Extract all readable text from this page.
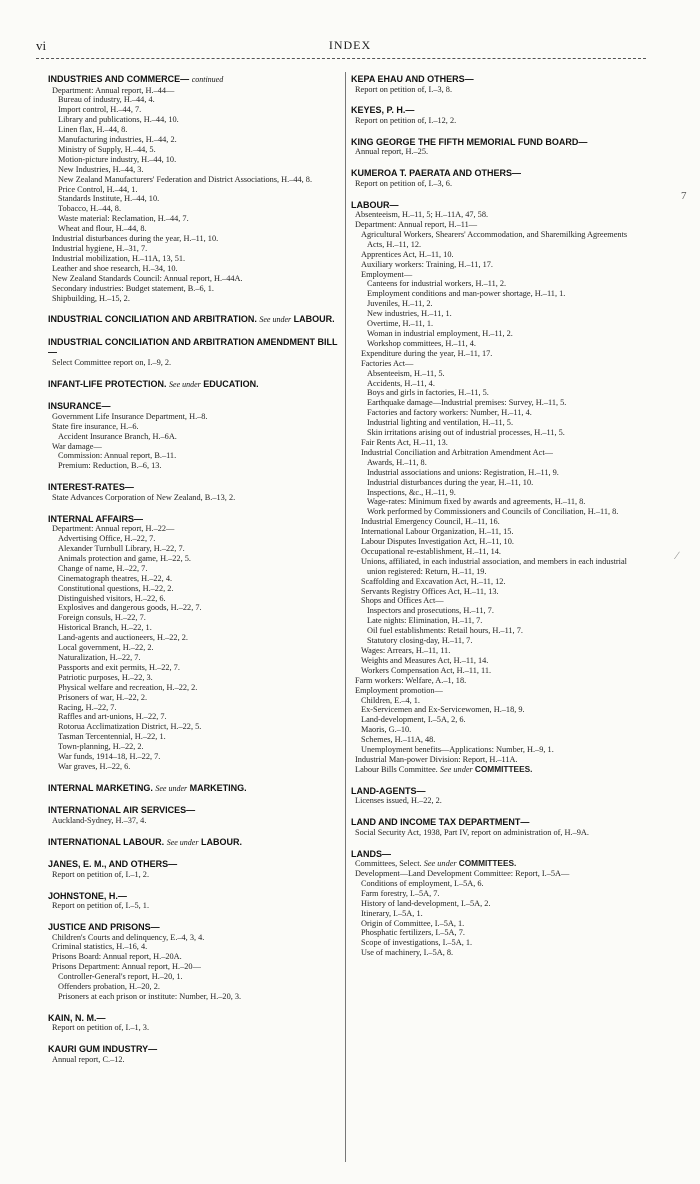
vi	INDEX
INDUSTRIES AND COMMERCE— continued
Department: Annual report, H.–44—
Bureau of industry, H.–44, 4.
Import control, H.–44, 7.
Library and publications, H.–44, 10.
Linen flax, H.–44, 8.
Manufacturing industries, H.–44, 2.
Ministry of Supply, H.–44, 5.
Motion-picture industry, H.–44, 10.
New Industries, H.–44, 3.
New Zealand Manufacturers' Federation and District Associations, H.–44, 8.
Price Control, H.–44, 1.
Standards Institute, H.–44, 10.
Tobacco, H.–44, 8.
Waste material: Reclamation, H.–44, 7.
Wheat and flour, H.–44, 8.
Industrial disturbances during the year, H.–11, 10.
Industrial hygiene, H.–31, 7.
Industrial mobilization, H.–11A, 13, 51.
Leather and shoe research, H.–34, 10.
New Zealand Standards Council: Annual report, H.–44A.
Secondary industries: Budget statement, B.–6, 1.
Shipbuilding, H.–15, 2.
INDUSTRIAL CONCILIATION AND ARBITRATION. See under LABOUR.
INDUSTRIAL CONCILIATION AND ARBITRATION AMENDMENT BILL—
Select Committee report on, I.–9, 2.
INFANT-LIFE PROTECTION. See under EDUCATION.
INSURANCE—
Government Life Insurance Department, H.–8.
State fire insurance, H.–6.
Accident Insurance Branch, H.–6A.
War damage—
Commission: Annual report, B.–11.
Premium: Reduction, B.–6, 13.
INTEREST-RATES—
State Advances Corporation of New Zealand, B.–13, 2.
INTERNAL AFFAIRS—
Department: Annual report, H.–22—
Advertising Office, H.–22, 7.
Alexander Turnbull Library, H.–22, 7.
Animals protection and game, H.–22, 5.
Change of name, H.–22, 7.
Cinematograph theatres, H.–22, 4.
Constitutional questions, H.–22, 2.
Distinguished visitors, H.–22, 6.
Explosives and dangerous goods, H.–22, 7.
Foreign consuls, H.–22, 7.
Historical Branch, H.–22, 1.
Land-agents and auctioneers, H.–22, 2.
Local government, H.–22, 2.
Naturalization, H.–22, 7.
Passports and exit permits, H.–22, 7.
Patriotic purposes, H.–22, 3.
Physical welfare and recreation, H.–22, 2.
Prisoners of war, H.–22, 2.
Racing, H.–22, 7.
Raffles and art-unions, H.–22, 7.
Rotorua Acclimatization District, H.–22, 5.
Tasman Tercentennial, H.–22, 1.
Town-planning, H.–22, 2.
War funds, 1914–18, H.–22, 7.
War graves, H.–22, 6.
INTERNAL MARKETING. See under MARKETING.
INTERNATIONAL AIR SERVICES—
Auckland-Sydney, H.–37, 4.
INTERNATIONAL LABOUR. See under LABOUR.
JANES, E. M., AND OTHERS—
Report on petition of, I.–1, 2.
JOHNSTONE, H.—
Report on petition of, I.–5, 1.
JUSTICE AND PRISONS—
Children's Courts and delinquency, E.–4, 3, 4.
Criminal statistics, H.–16, 4.
Prisons Board: Annual report, H.–20A.
Prisons Department: Annual report, H.–20—
Controller-General's report, H.–20, 1.
Offenders probation, H.–20, 2.
Prisoners at each prison or institute: Number, H.–20, 3.
KAIN, N. M.—
Report on petition of, I.–1, 3.
KAURI GUM INDUSTRY—
Annual report, C.–12.
KEPA EHAU AND OTHERS—
Report on petition of, I.–3, 8.
KEYES, P. H.—
Report on petition of, I.–12, 2.
KING GEORGE THE FIFTH MEMORIAL FUND BOARD—
Annual report, H.–25.
KUMEROA T. PAERATA AND OTHERS—
Report on petition of, I.–3, 6.
LABOUR—
Absenteeism, H.–11, 5; H.–11A, 47, 58.
Department: Annual report, H.–11—
Agricultural Workers, Shearers' Accommodation, and Sharemilking Agreements Acts, H.–11, 12.
Apprentices Act, H.–11, 10.
Auxiliary workers: Training, H.–11, 17.
Employment—
Canteens for industrial workers, H.–11, 2.
Employment conditions and man-power shortage, H.–11, 1.
Juveniles, H.–11, 2.
New industries, H.–11, 1.
Overtime, H.–11, 1.
Woman in industrial employment, H.–11, 2.
Workshop committees, H.–11, 4.
Expenditure during the year, H.–11, 17.
Factories Act—
Absenteeism, H.–11, 5.
Accidents, H.–11, 4.
Boys and girls in factories, H.–11, 5.
Earthquake damage—Industrial premises: Survey, H.–11, 5.
Factories and factory workers: Number, H.–11, 4.
Industrial lighting and ventilation, H.–11, 5.
Skin irritations arising out of industrial processes, H.–11, 5.
Fair Rents Act, H.–11, 13.
Industrial Conciliation and Arbitration Amendment Act—
Awards, H.–11, 8.
Industrial associations and unions: Registration, H.–11, 9.
Industrial disturbances during the year, H.–11, 10.
Inspections, &c., H.–11, 9.
Wage-rates: Minimum fixed by awards and agreements, H.–11, 8.
Work performed by Commissioners and Councils of Conciliation, H.–11, 8.
Industrial Emergency Council, H.–11, 16.
International Labour Organization, H.–11, 15.
Labour Disputes Investigation Act, H.–11, 10.
Occupational re-establishment, H.–11, 14.
Unions, affiliated, in each industrial association, and members in each industrial union registered: Return, H.–11, 19.
Scaffolding and Excavation Act, H.–11, 12.
Servants Registry Offices Act, H.–11, 13.
Shops and Offices Act—
Inspectors and prosecutions, H.–11, 7.
Late nights: Elimination, H.–11, 7.
Oil fuel establishments: Retail hours, H.–11, 7.
Statutory closing-day, H.–11, 7.
Wages: Arrears, H.–11, 11.
Weights and Measures Act, H.–11, 14.
Workers Compensation Act, H.–11, 11.
Farm workers: Welfare, A.–1, 18.
Employment promotion—
Children, E.–4, 1.
Ex-Servicemen and Ex-Servicewomen, H.–18, 9.
Land-development, I.–5A, 2, 6.
Maoris, G.–10.
Schemes, H.–11A, 48.
Unemployment benefits—Applications: Number, H.–9, 1.
Industrial Man-power Division: Report, H.–11A.
Labour Bills Committee. See under COMMITTEES.
LAND-AGENTS—
Licenses issued, H.–22, 2.
LAND AND INCOME TAX DEPARTMENT—
Social Security Act, 1938, Part IV, report on administration of, H.–9A.
LANDS—
Committees, Select. See under COMMITTEES.
Development—Land Development Committee: Report, I.–5A—
Conditions of employment, I.–5A, 6.
Farm forestry, I.–5A, 7.
History of land-development, I.–5A, 2.
Itinerary, I.–5A, 1.
Origin of Committee, I.–5A, 1.
Phosphatic fertilizers, I.–5A, 7.
Scope of investigations, I.–5A, 1.
Use of machinery, I.–5A, 8.
7
∕
